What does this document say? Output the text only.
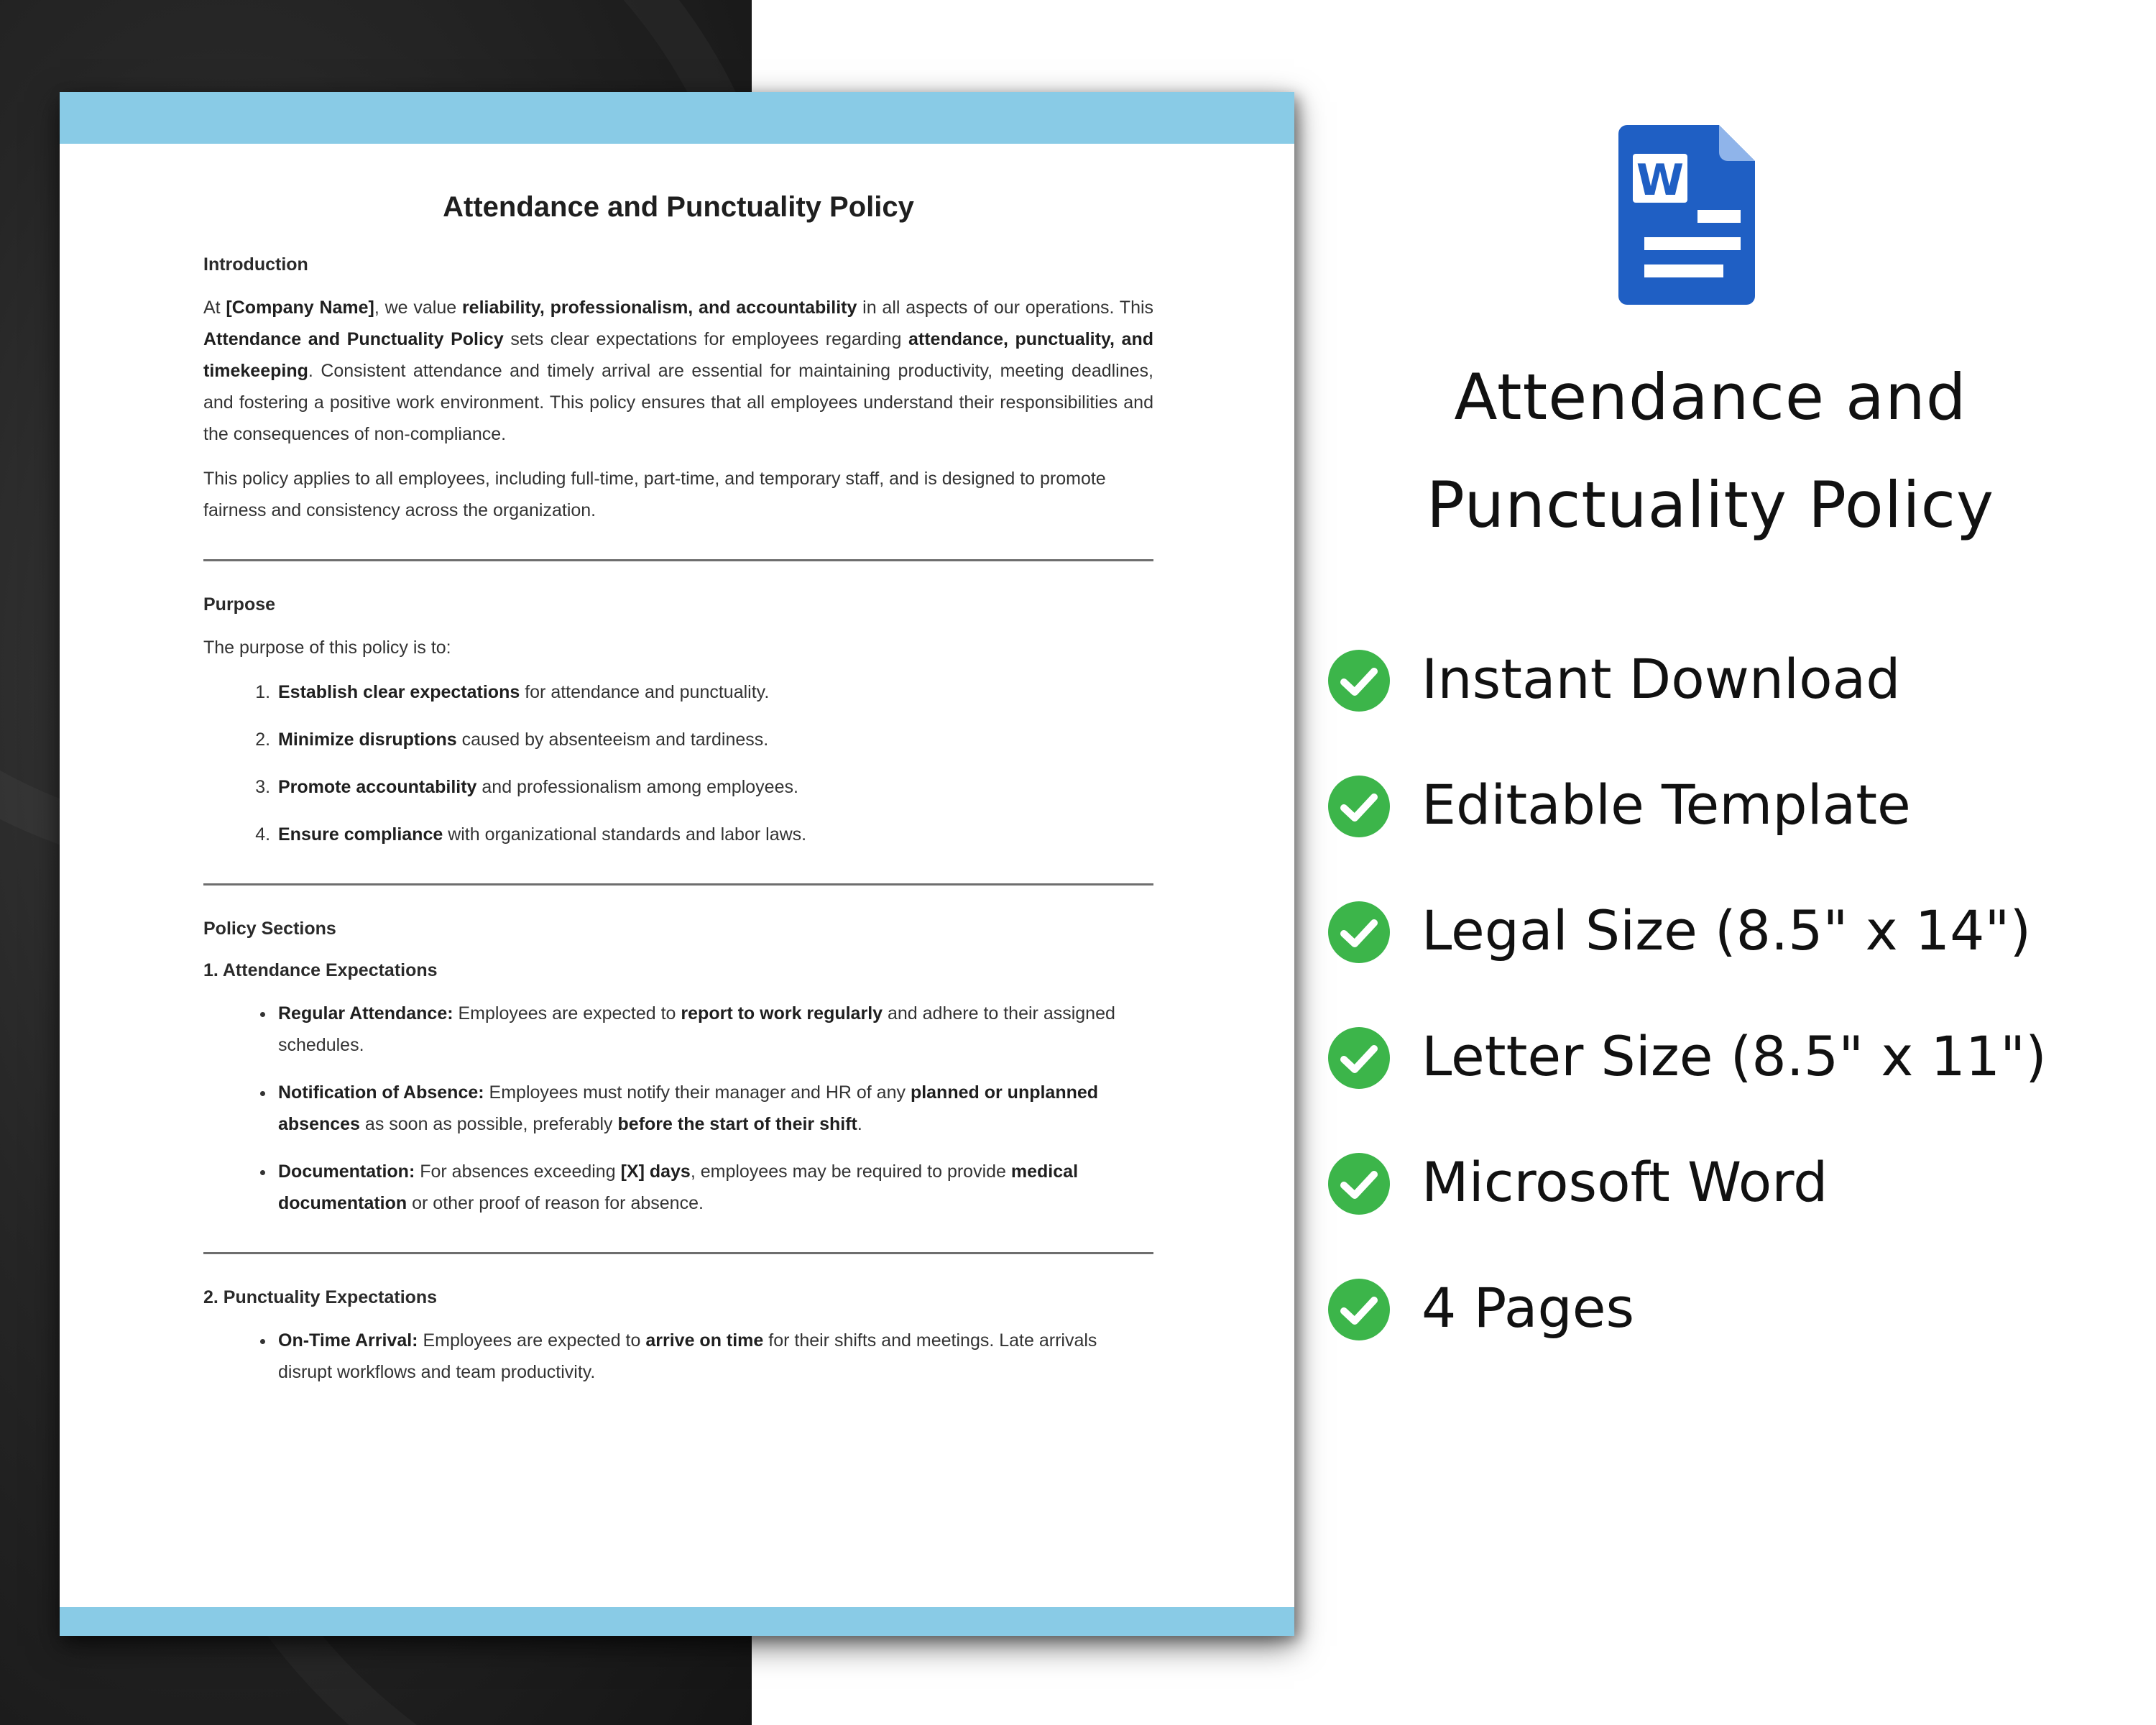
Attendance and Punctuality Policy
Introduction

At [Company Name], we value reliability, professionalism, and accountability in all aspects of our operations. This Attendance and Punctuality Policy sets clear expectations for employees regarding attendance, punctuality, and timekeeping. Consistent attendance and timely arrival are essential for maintaining productivity, meeting deadlines, and fostering a positive work environment. This policy ensures that all employees understand their responsibilities and the consequences of non-compliance.

This policy applies to all employees, including full-time, part-time, and temporary staff, and is designed to promote fairness and consistency across the organization.

Purpose

The purpose of this policy is to:

1. Establish clear expectations for attendance and punctuality.
2. Minimize disruptions caused by absenteeism and tardiness.
3. Promote accountability and professionalism among employees.
4. Ensure compliance with organizational standards and labor laws.
Policy Sections
1. Attendance Expectations
• Regular Attendance: Employees are expected to report to work regularly and adhere to their assigned schedules.
• Notification of Absence: Employees must notify their manager and HR of any planned or unplanned absences as soon as possible, preferably before the start of their shift.
• Documentation: For absences exceeding [X] days, employees may be required to provide medical documentation or other proof of reason for absence.
2. Punctuality Expectations
• On-Time Arrival: Employees are expected to arrive on time for their shifts and meetings. Late arrivals disrupt workflows and team productivity.
W
Attendance and
Punctuality Policy
Instant Download
Editable Template
Legal Size (8.5" x 14")
Letter Size (8.5" x 11")
Microsoft Word
4 Pages
